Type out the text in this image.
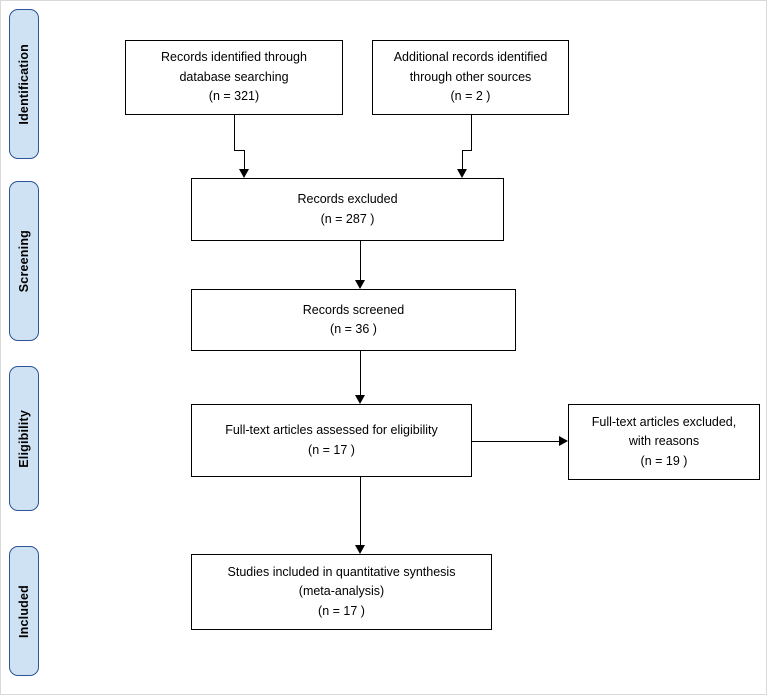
Identification
Screening
Eligibility
Included
Records identified through
database searching
(n = 321)
Additional records identified
through other sources
(n = 2 )
Records excluded
(n = 287 )
Records screened
(n = 36 )
Full-text articles assessed for eligibility
(n = 17 )
Full-text articles excluded,
with reasons
(n = 19 )
Studies included in quantitative synthesis
(meta-analysis)
(n = 17 )
